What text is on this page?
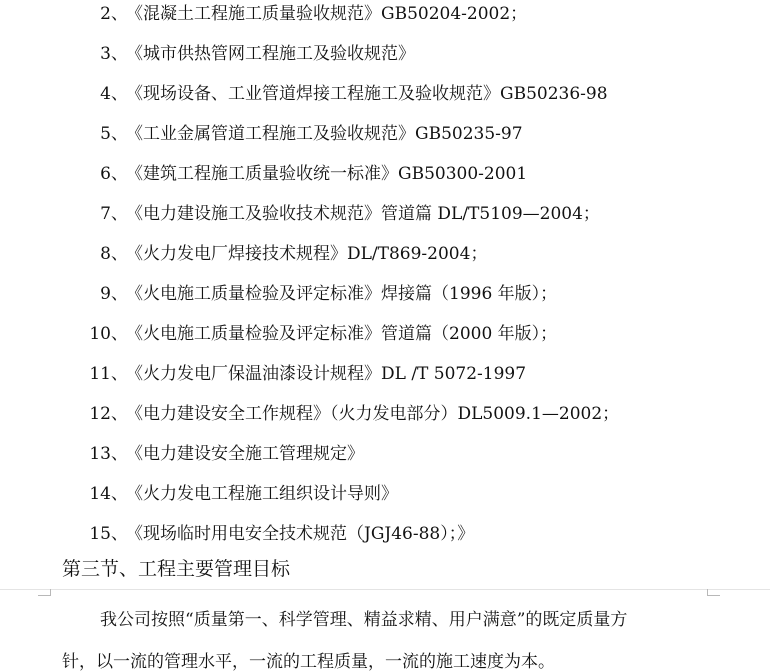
2、
《混凝土工程施工质量验收规范》GB50204-2002；
3、
《城市供热管网工程施工及验收规范》
4、
《现场设备、工业管道焊接工程施工及验收规范》GB50236-98
5、
《工业金属管道工程施工及验收规范》GB50235-97
6、
《建筑工程施工质量验收统一标准》GB50300-2001
7、
《电力建设施工及验收技术规范》管道篇 DL/T5109—2004；
8、
《火力发电厂焊接技术规程》DL/T869-2004；
9、
《火电施工质量检验及评定标准》焊接篇（1996 年版）；
10、
《火电施工质量检验及评定标准》管道篇（2000 年版）；
11、
《火力发电厂保温油漆设计规程》DL /T 5072-1997
12、
《电力建设安全工作规程》（火力发电部分）DL5009.1—2002；
13、
《电力建设安全施工管理规定》
14、
《火力发电工程施工组织设计导则》
15、
《现场临时用电安全技术规范（JGJ46-88）；》
第三节、工程主要管理目标
我公司按照“质量第一、科学管理、精益求精、用户满意”的既定质量方
针，以一流的管理水平，一流的工程质量，一流的施工速度为本。
